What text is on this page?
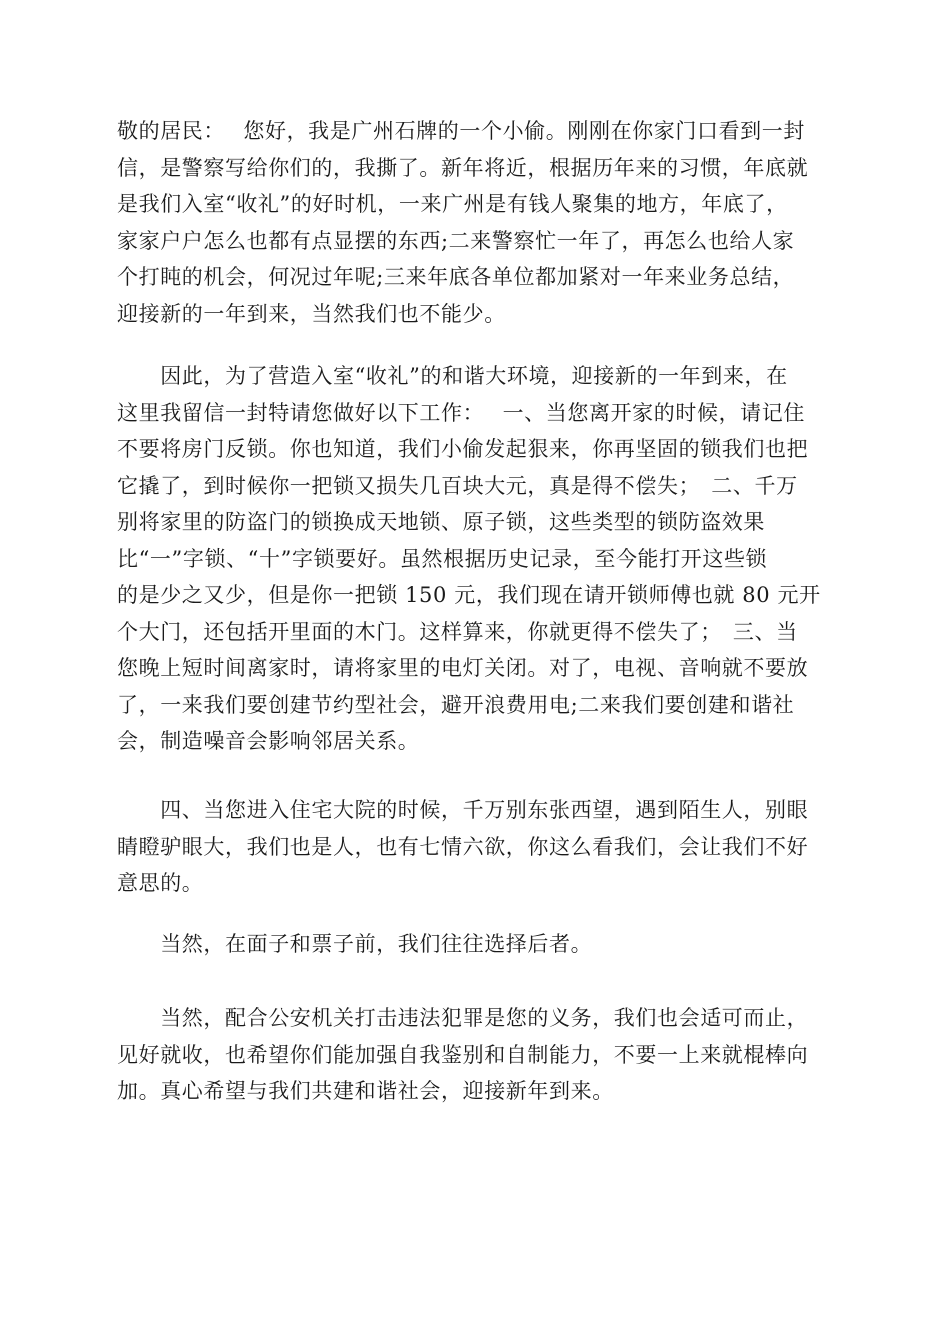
敬的居民：　 您好，我是广州石牌的一个小偷。刚刚在你家门口看到一封
信，是警察写给你们的，我撕了。新年将近，根据历年来的习惯，年底就
是我们入室“收礼”的好时机，一来广州是有钱人聚集的地方，年底了，
家家户户怎么也都有点显摆的东西;二来警察忙一年了，再怎么也给人家
个打盹的机会，何况过年呢;三来年底各单位都加紧对一年来业务总结，
迎接新的一年到来，当然我们也不能少。
　　因此，为了营造入室“收礼”的和谐大环境，迎接新的一年到来，在
这里我留信一封特请您做好以下工作：　 一、当您离开家的时候，请记住
不要将房门反锁。你也知道，我们小偷发起狠来，你再坚固的锁我们也把
它撬了，到时候你一把锁又损失几百块大元，真是得不偿失；　二、千万
别将家里的防盗门的锁换成天地锁、原子锁，这些类型的锁防盗效果
比“一”字锁、“十”字锁要好。虽然根据历史记录，至今能打开这些锁
的是少之又少，但是你一把锁 150 元，我们现在请开锁师傅也就 80 元开
个大门，还包括开里面的木门。这样算来，你就更得不偿失了；　三、当
您晚上短时间离家时，请将家里的电灯关闭。对了，电视、音响就不要放
了，一来我们要创建节约型社会，避开浪费用电;二来我们要创建和谐社
会，制造噪音会影响邻居关系。
　　四、当您进入住宅大院的时候，千万别东张西望，遇到陌生人，别眼
睛瞪驴眼大，我们也是人，也有七情六欲，你这么看我们，会让我们不好
意思的。
　　当然，在面子和票子前，我们往往选择后者。
　　当然，配合公安机关打击违法犯罪是您的义务，我们也会适可而止，
见好就收，也希望你们能加强自我鉴别和自制能力，不要一上来就棍棒向
加。真心希望与我们共建和谐社会，迎接新年到来。
